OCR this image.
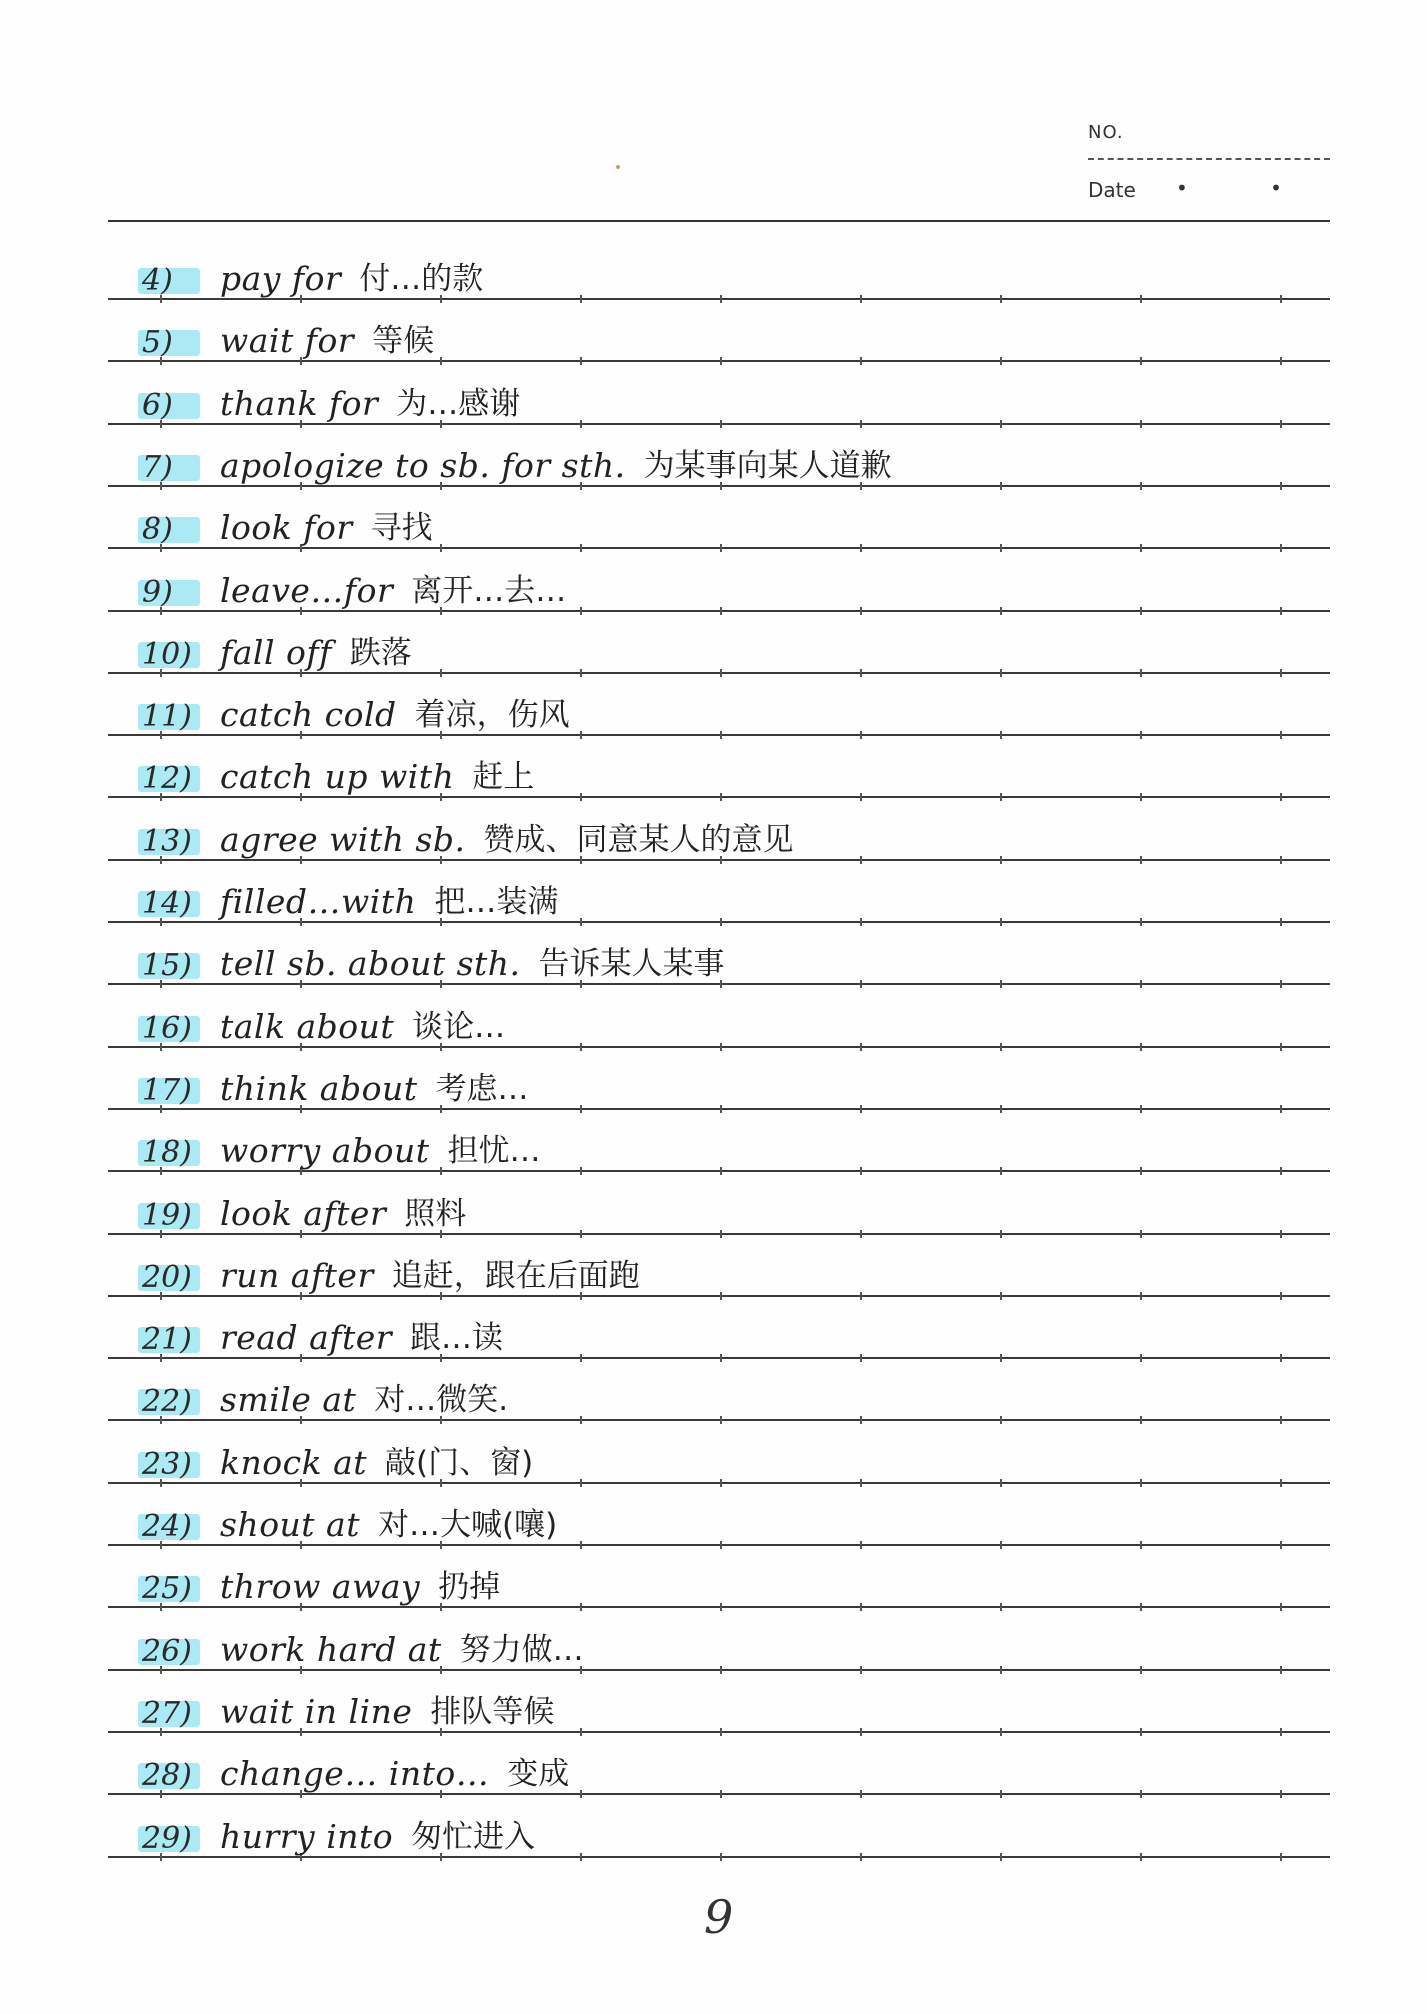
NO.
Date • •
4)	pay for 付…的款
5)	wait for 等候
6)	thank for 为…感谢
7)	apologize to sb. for sth. 为某事向某人道歉
8)	look for 寻找
9)	leave…for 离开…去…
10) fall off 跌落
11) catch cold 着凉，伤风
12) catch up with 赶上
13) agree with sb. 赞成、同意某人的意见
14) filled…with 把…装满
15) tell sb. about sth. 告诉某人某事
16) talk about 谈论…
17) think about 考虑…
18) worry about 担忧…
19) look after 照料
20) run after 追赶，跟在后面跑
21) read after 跟…读
22) smile at 对…微笑.
23) knock at 敲(门、窗)
24) shout at 对…大喊(嚷)
25) throw away 扔掉
26) work hard at 努力做…
27) wait in line 排队等候
28) change… into… 变成
29) hurry into 匆忙进入
9
